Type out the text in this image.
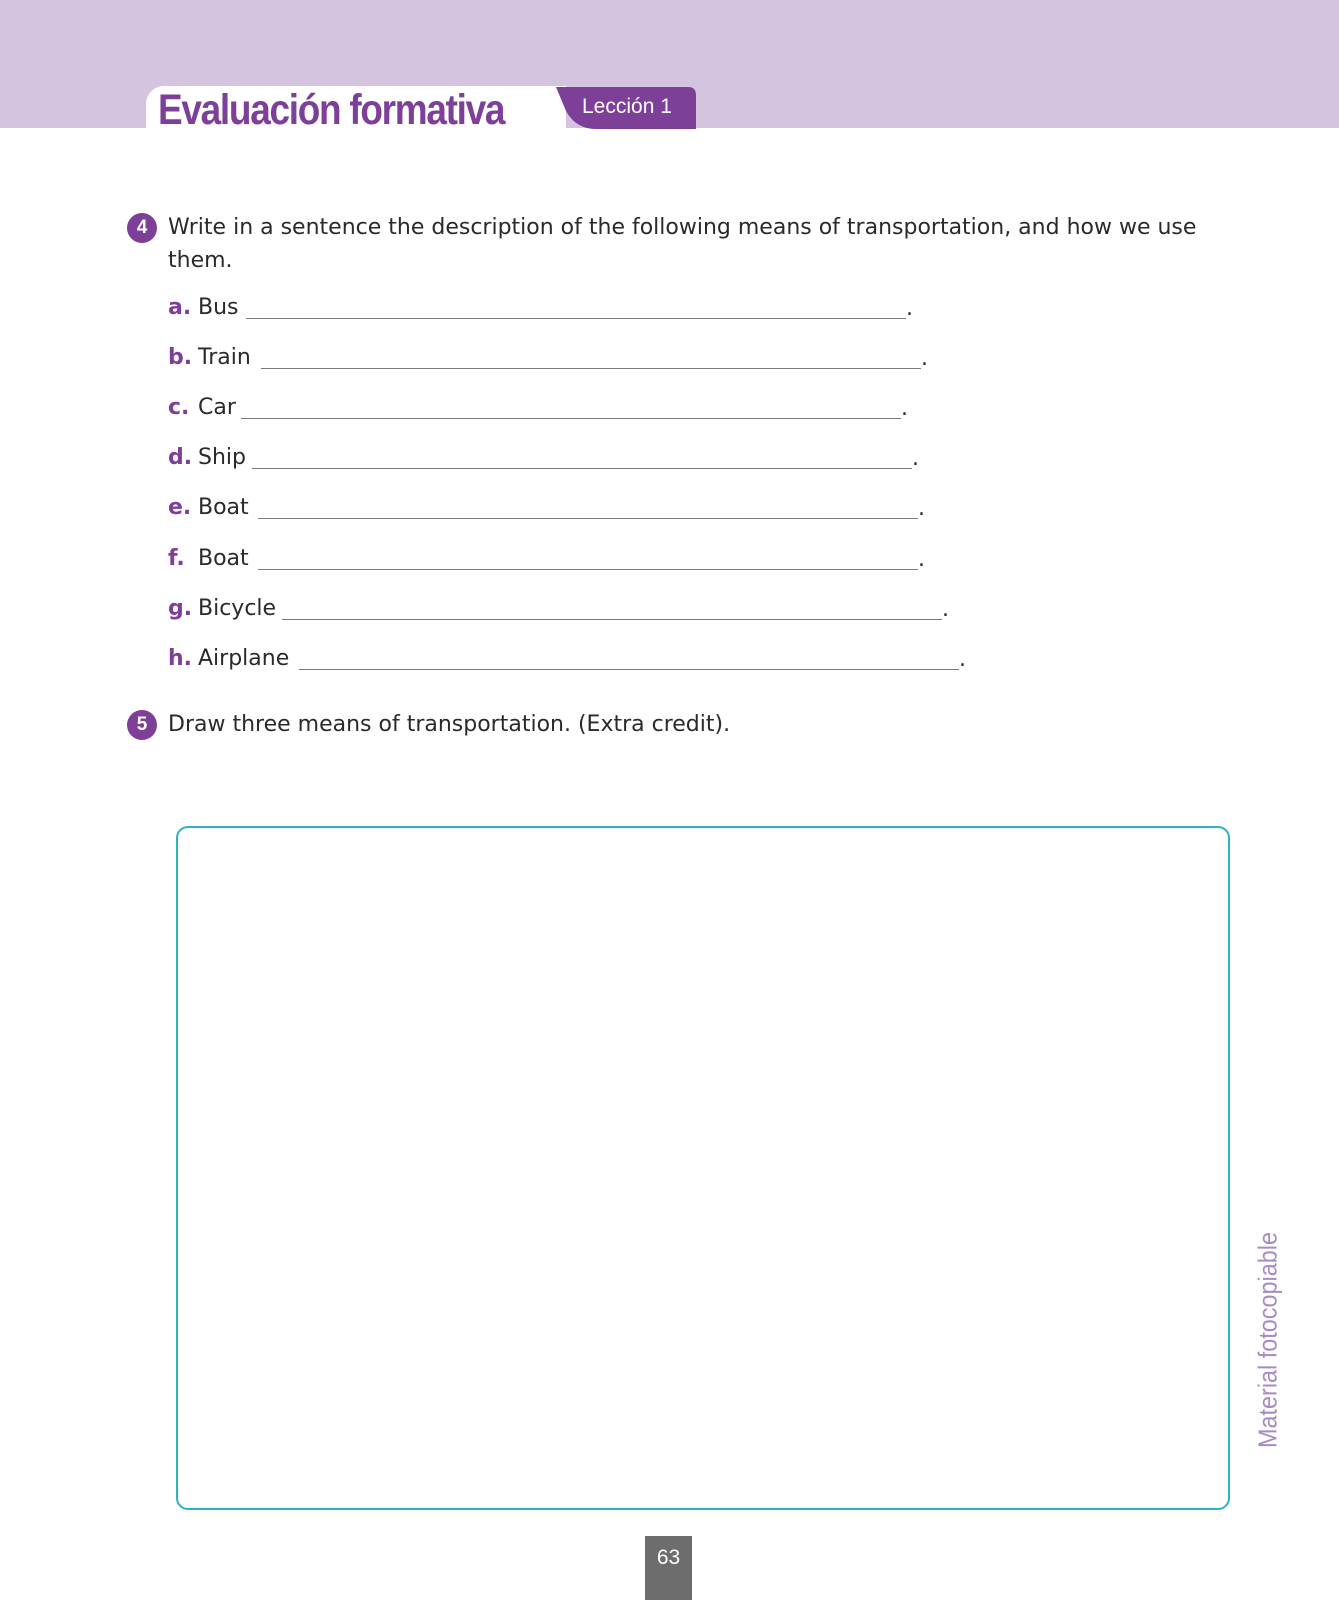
Evaluación formativa	Lección 1
4 Write in a sentence the description of the following means of transportation, and how we use them.
a. Bus	.
b. Train	.
c. Car	.
d. Ship	.
e. Boat	.
f. Boat	.
g. Bicycle	.
h. Airplane	.
5 Draw three means of transportation. (Extra credit).
Material fotocopiable
63
